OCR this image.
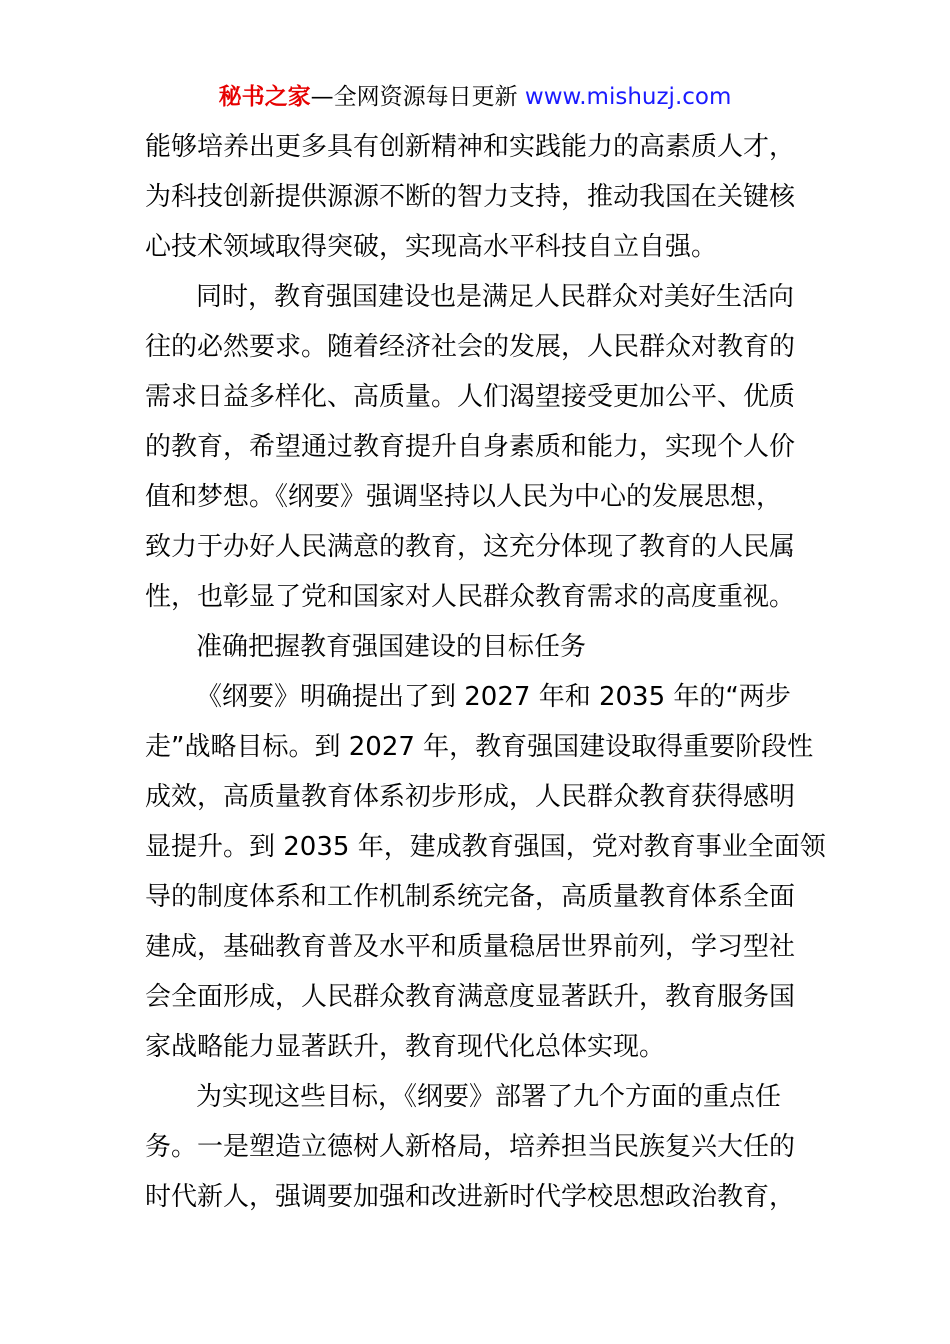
秘书之家—全网资源每日更新 www.mishuzj.com
能够培养出更多具有创新精神和实践能力的高素质人才，
为科技创新提供源源不断的智力支持，推动我国在关键核
心技术领域取得突破，实现高水平科技自立自强。
同时，教育强国建设也是满足人民群众对美好生活向
往的必然要求。随着经济社会的发展，人民群众对教育的
需求日益多样化、高质量。人们渴望接受更加公平、优质
的教育，希望通过教育提升自身素质和能力，实现个人价
值和梦想。《纲要》强调坚持以人民为中心的发展思想，
致力于办好人民满意的教育，这充分体现了教育的人民属
性，也彰显了党和国家对人民群众教育需求的高度重视。
准确把握教育强国建设的目标任务
《纲要》明确提出了到 2027 年和 2035 年的“两步
走”战略目标。到 2027 年，教育强国建设取得重要阶段性
成效，高质量教育体系初步形成，人民群众教育获得感明
显提升。到 2035 年，建成教育强国，党对教育事业全面领
导的制度体系和工作机制系统完备，高质量教育体系全面
建成，基础教育普及水平和质量稳居世界前列，学习型社
会全面形成，人民群众教育满意度显著跃升，教育服务国
家战略能力显著跃升，教育现代化总体实现。
为实现这些目标，《纲要》部署了九个方面的重点任
务。一是塑造立德树人新格局，培养担当民族复兴大任的
时代新人，强调要加强和改进新时代学校思想政治教育，
